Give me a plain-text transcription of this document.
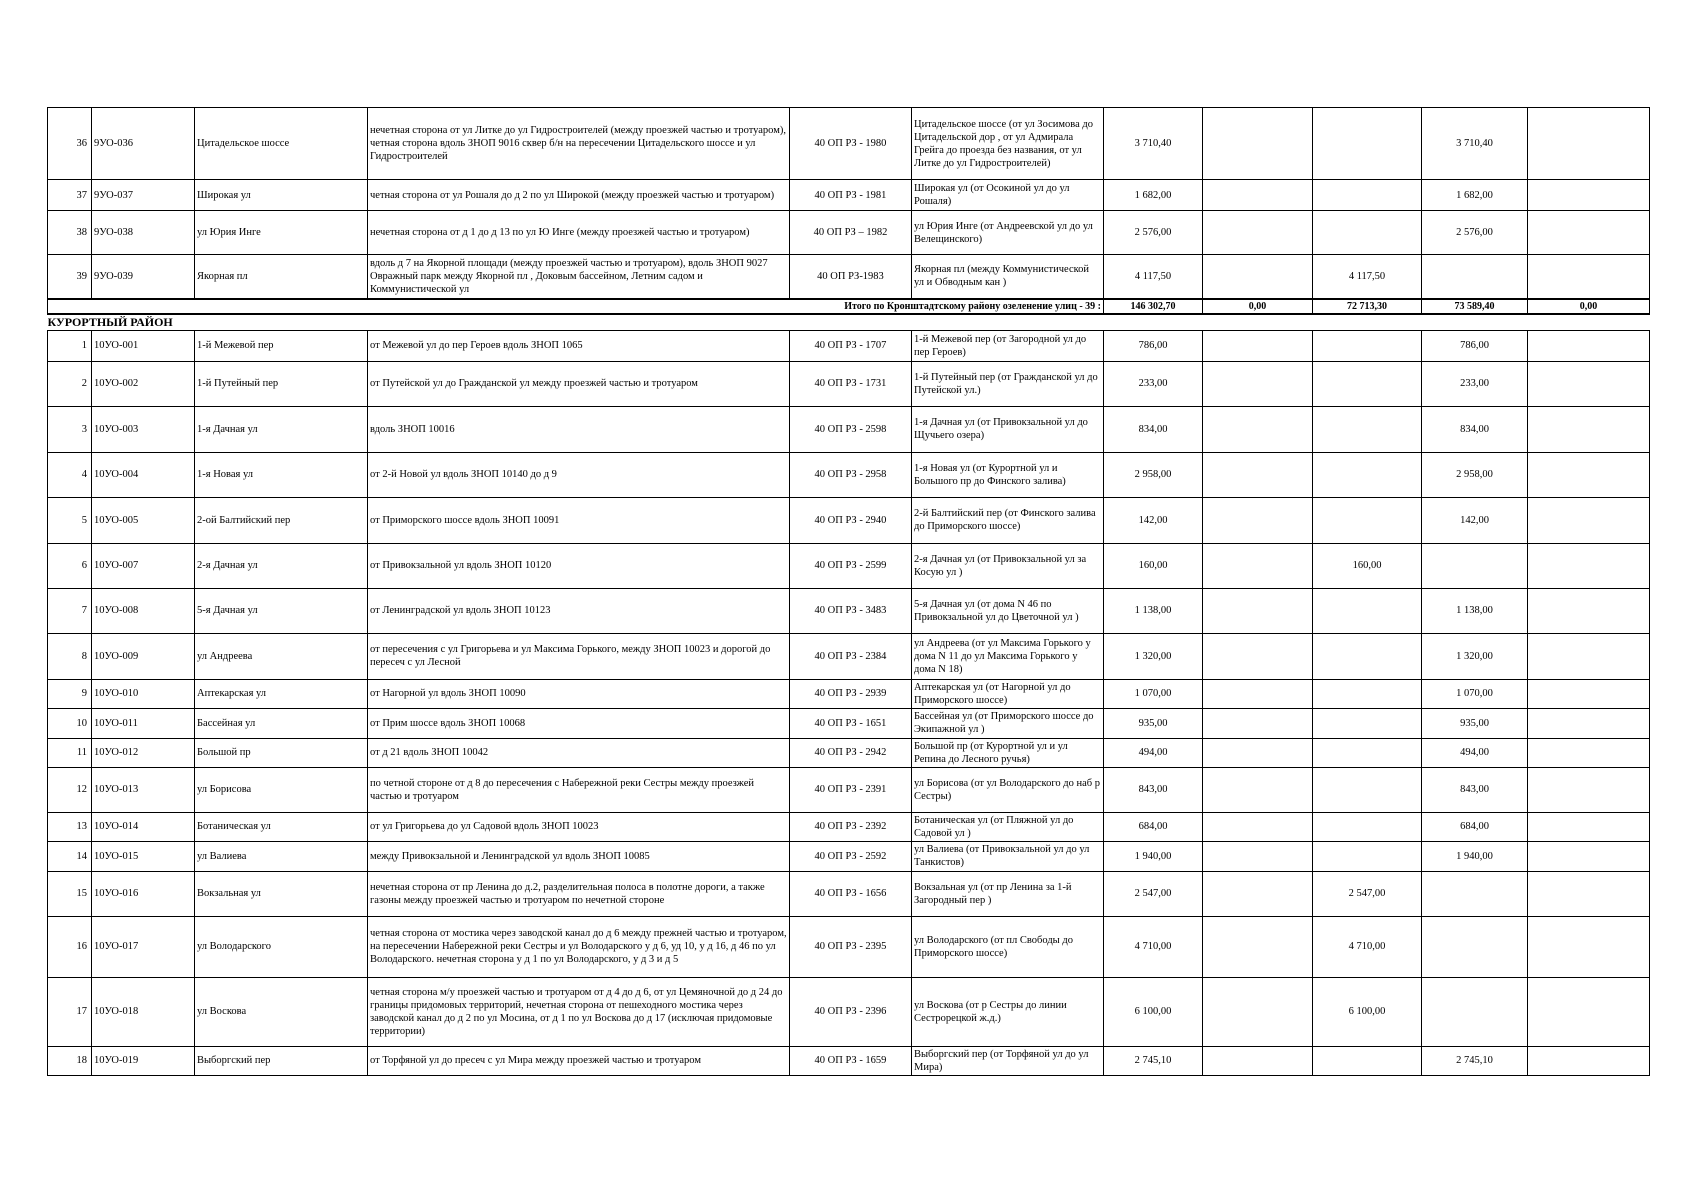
36	9УО-036	Цитадельское шоссе	нечетная сторона от ул Литке до ул Гидростроителей (между проезжей частью и тротуаром), четная сторона вдоль ЗНОП 9016 сквер б/н на пересечении Цитадельского шоссе и ул Гидростроителей	40 ОП РЗ - 1980	Цитадельское шоссе (от ул Зосимова до Цитадельской дор , от ул Адмирала Грейга до проезда без названия, от ул Литке до ул Гидростроителей)	3 710,40			3 710,40	
37	9УО-037	Широкая ул	четная сторона от ул Рошаля до д 2 по ул Широкой (между проезжей частью и тротуаром)	40 ОП РЗ - 1981	Широкая ул (от Осокиной ул до ул Рошаля)	1 682,00			1 682,00	
38	9УО-038	ул Юрия Инге	нечетная сторона от д 1 до д 13 по ул Ю Инге (между проезжей частью и тротуаром)	40 ОП РЗ – 1982	ул Юрия Инге (от Андреевской ул до ул Велещинского)	2 576,00			2 576,00	
39	9УО-039	Якорная пл	вдоль д 7 на Якорной площади (между проезжей частью и тротуаром), вдоль ЗНОП 9027 Овражный парк между Якорной пл , Доковым бассейном, Летним садом и Коммунистической ул	40 ОП РЗ-1983	Якорная пл (между Коммунистической ул и Обводным кан )	4 117,50		4 117,50		
Итого по Кронштадтскому району озеленение улиц - 39 :						146 302,70	0,00	72 713,30	73 589,40	0,00
КУРОРТНЫЙ РАЙОН										
1	10УО-001	1-й Межевой пер	от Межевой ул до пер Героев вдоль ЗНОП 1065	40 ОП РЗ - 1707	1-й Межевой пер (от Загородной ул до пер Героев)	786,00			786,00	
2	10УО-002	1-й Путейный пер	от Путейской ул до Гражданской ул между проезжей частью и тротуаром	40 ОП РЗ - 1731	1-й Путейный пер (от Гражданской ул до Путейской ул.)	233,00			233,00	
3	10УО-003	1-я Дачная ул	вдоль ЗНОП 10016	40 ОП РЗ - 2598	1-я Дачная ул (от Привокзальной ул до Щучьего озера)	834,00			834,00	
4	10УО-004	1-я Новая ул	от 2-й Новой ул вдоль ЗНОП 10140 до д 9	40 ОП РЗ - 2958	1-я Новая ул (от Курортной ул и Большого пр до Финского залива)	2 958,00			2 958,00	
5	10УО-005	2-ой Балтийский пер	от Приморского шоссе вдоль ЗНОП 10091	40 ОП РЗ - 2940	2-й Балтийский пер (от Финского залива до Приморского шоссе)	142,00			142,00	
6	10УО-007	2-я Дачная ул	от Привокзальной ул вдоль ЗНОП 10120	40 ОП РЗ - 2599	2-я Дачная ул (от Привокзальной ул за Косую ул )	160,00		160,00		
7	10УО-008	5-я Дачная ул	от Ленинградской ул вдоль ЗНОП 10123	40 ОП РЗ - 3483	5-я Дачная ул (от дома N 46 по Привокзальной ул до Цветочной ул )	1 138,00			1 138,00	
8	10УО-009	ул Андреева	от пересечения с ул Григорьева и ул Максима Горького, между ЗНОП 10023 и дорогой до пересеч с ул Лесной	40 ОП РЗ - 2384	ул Андреева (от ул Максима Горького у дома N 11 до ул Максима Горького у дома N 18)	1 320,00			1 320,00	
9	10УО-010	Аптекарская ул	от Нагорной ул вдоль ЗНОП 10090	40 ОП РЗ - 2939	Аптекарская ул (от Нагорной ул до Приморского шоссе)	1 070,00			1 070,00	
10	10УО-011	Бассейная ул	от Прим шоссе вдоль ЗНОП 10068	40 ОП РЗ - 1651	Бассейная ул (от Приморского шоссе до Экипажной ул )	935,00			935,00	
11	10УО-012	Большой пр	от д 21 вдоль ЗНОП 10042	40 ОП РЗ - 2942	Большой пр (от Курортной ул и ул Репина до Лесного ручья)	494,00			494,00	
12	10УО-013	ул Борисова	по четной стороне от д 8 до пересечения с Набережной реки Сестры между проезжей частью и тротуаром	40 ОП РЗ - 2391	ул Борисова (от ул Володарского до наб р Сестры)	843,00			843,00	
13	10УО-014	Ботаническая ул	от ул Григорьева до ул Садовой вдоль ЗНОП 10023	40 ОП РЗ - 2392	Ботаническая ул (от Пляжной ул до Садовой ул )	684,00			684,00	
14	10УО-015	ул Валиева	между Привокзальной и Ленинградской ул вдоль ЗНОП 10085	40 ОП РЗ - 2592	ул Валиева (от Привокзальной ул до ул Танкистов)	1 940,00			1 940,00	
15	10УО-016	Вокзальная ул	нечетная сторона от пр Ленина до д.2, разделительная полоса в полотне дороги, а также газоны между проезжей частью и тротуаром по нечетной стороне	40 ОП РЗ - 1656	Вокзальная ул (от пр Ленина за 1-й Загородный пер )	2 547,00		2 547,00		
16	10УО-017	ул Володарского	четная сторона от мостика через заводской канал до д 6 между прежней частью и тротуаром, на пересечении Набережной реки Сестры и ул Володарского у д 6, уд 10, у д 16, д 46 по ул Володарского. нечетная сторона у д 1 по ул Володарского, у д 3 и д 5	40 ОП РЗ - 2395	ул Володарского (от пл Свободы до Приморского шоссе)	4 710,00		4 710,00		
17	10УО-018	ул Воскова	четная сторона м/у проезжей частью и тротуаром от д 4 до д 6, от ул Цемяночной до д 24 до границы придомовых территорий, нечетная сторона от пешеходного мостика через заводской канал до д 2 по ул Мосина, от д 1 по ул Воскова до д 17 (исключая придомовые территории)	40 ОП РЗ - 2396	ул Воскова (от р Сестры до линии Сестрорецкой ж.д.)	6 100,00		6 100,00		
18	10УО-019	Выборгский пер	от Торфяной ул до пресеч с ул Мира между проезжей частью и тротуаром	40 ОП РЗ - 1659	Выборгский пер (от Торфяной ул до ул Мира)	2 745,10			2 745,10	
